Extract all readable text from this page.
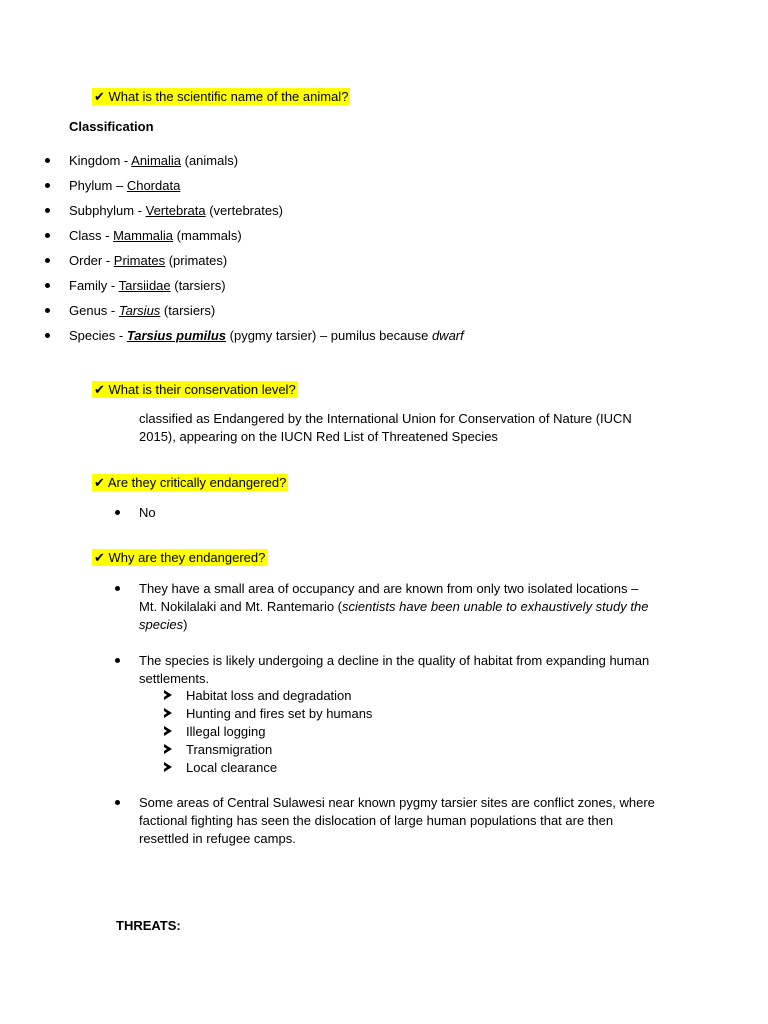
✔ What is the scientific name of the animal?
Classification
Kingdom - Animalia (animals)
Phylum – Chordata
Subphylum - Vertebrata (vertebrates)
Class - Mammalia (mammals)
Order - Primates (primates)
Family - Tarsiidae (tarsiers)
Genus - Tarsius (tarsiers)
Species - Tarsius pumilus (pygmy tarsier) – pumilus because dwarf
✔ What is their conservation level?
classified as Endangered by the International Union for Conservation of Nature (IUCN
2015), appearing on the IUCN Red List of Threatened Species
✔ Are they critically endangered?
No
✔ Why are they endangered?
They have a small area of occupancy and are known from only two isolated locations –
Mt. Nokilalaki and Mt. Rantemario (scientists have been unable to exhaustively study the
species)
The species is likely undergoing a decline in the quality of habitat from expanding human
settlements.
Habitat loss and degradation
Hunting and fires set by humans
Illegal logging
Transmigration
Local clearance
Some areas of Central Sulawesi near known pygmy tarsier sites are conflict zones, where
factional fighting has seen the dislocation of large human populations that are then
resettled in refugee camps.
THREATS:
